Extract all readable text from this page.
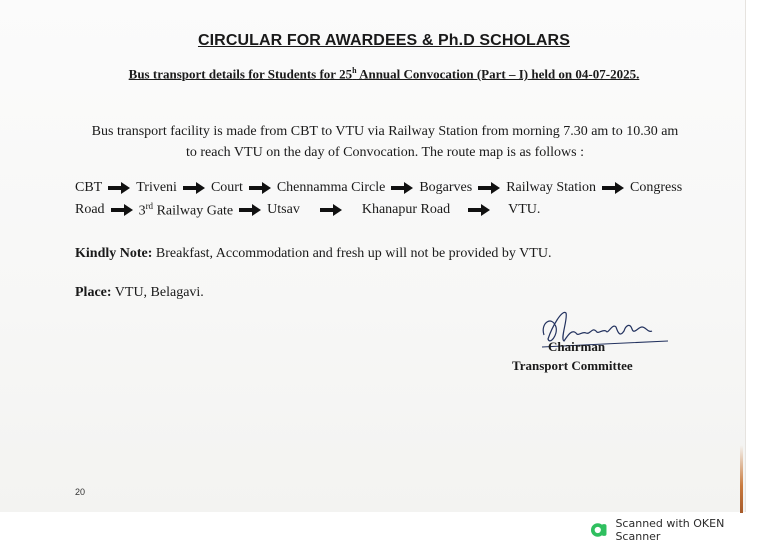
CIRCULAR FOR AWARDEES & Ph.D SCHOLARS
Bus transport details for Students for 25$^h$ Annual Convocation (Part – I) held on 04-07-2025.
Bus transport facility is made from CBT to VTU via Railway Station from morning 7.30 am to 10.30 am
to reach VTU on the day of Convocation. The route map is as follows :
CBT Triveni Court Chennamma Circle Bogarves Railway Station Congress
Road 3rd Railway Gate Utsav	Khanapur Road	VTU.
Kindly Note: Breakfast, Accommodation and fresh up will not be provided by VTU.
Place: VTU, Belagavi.
Chairman
Transport Committee
20
Scanned with OKEN Scanner
